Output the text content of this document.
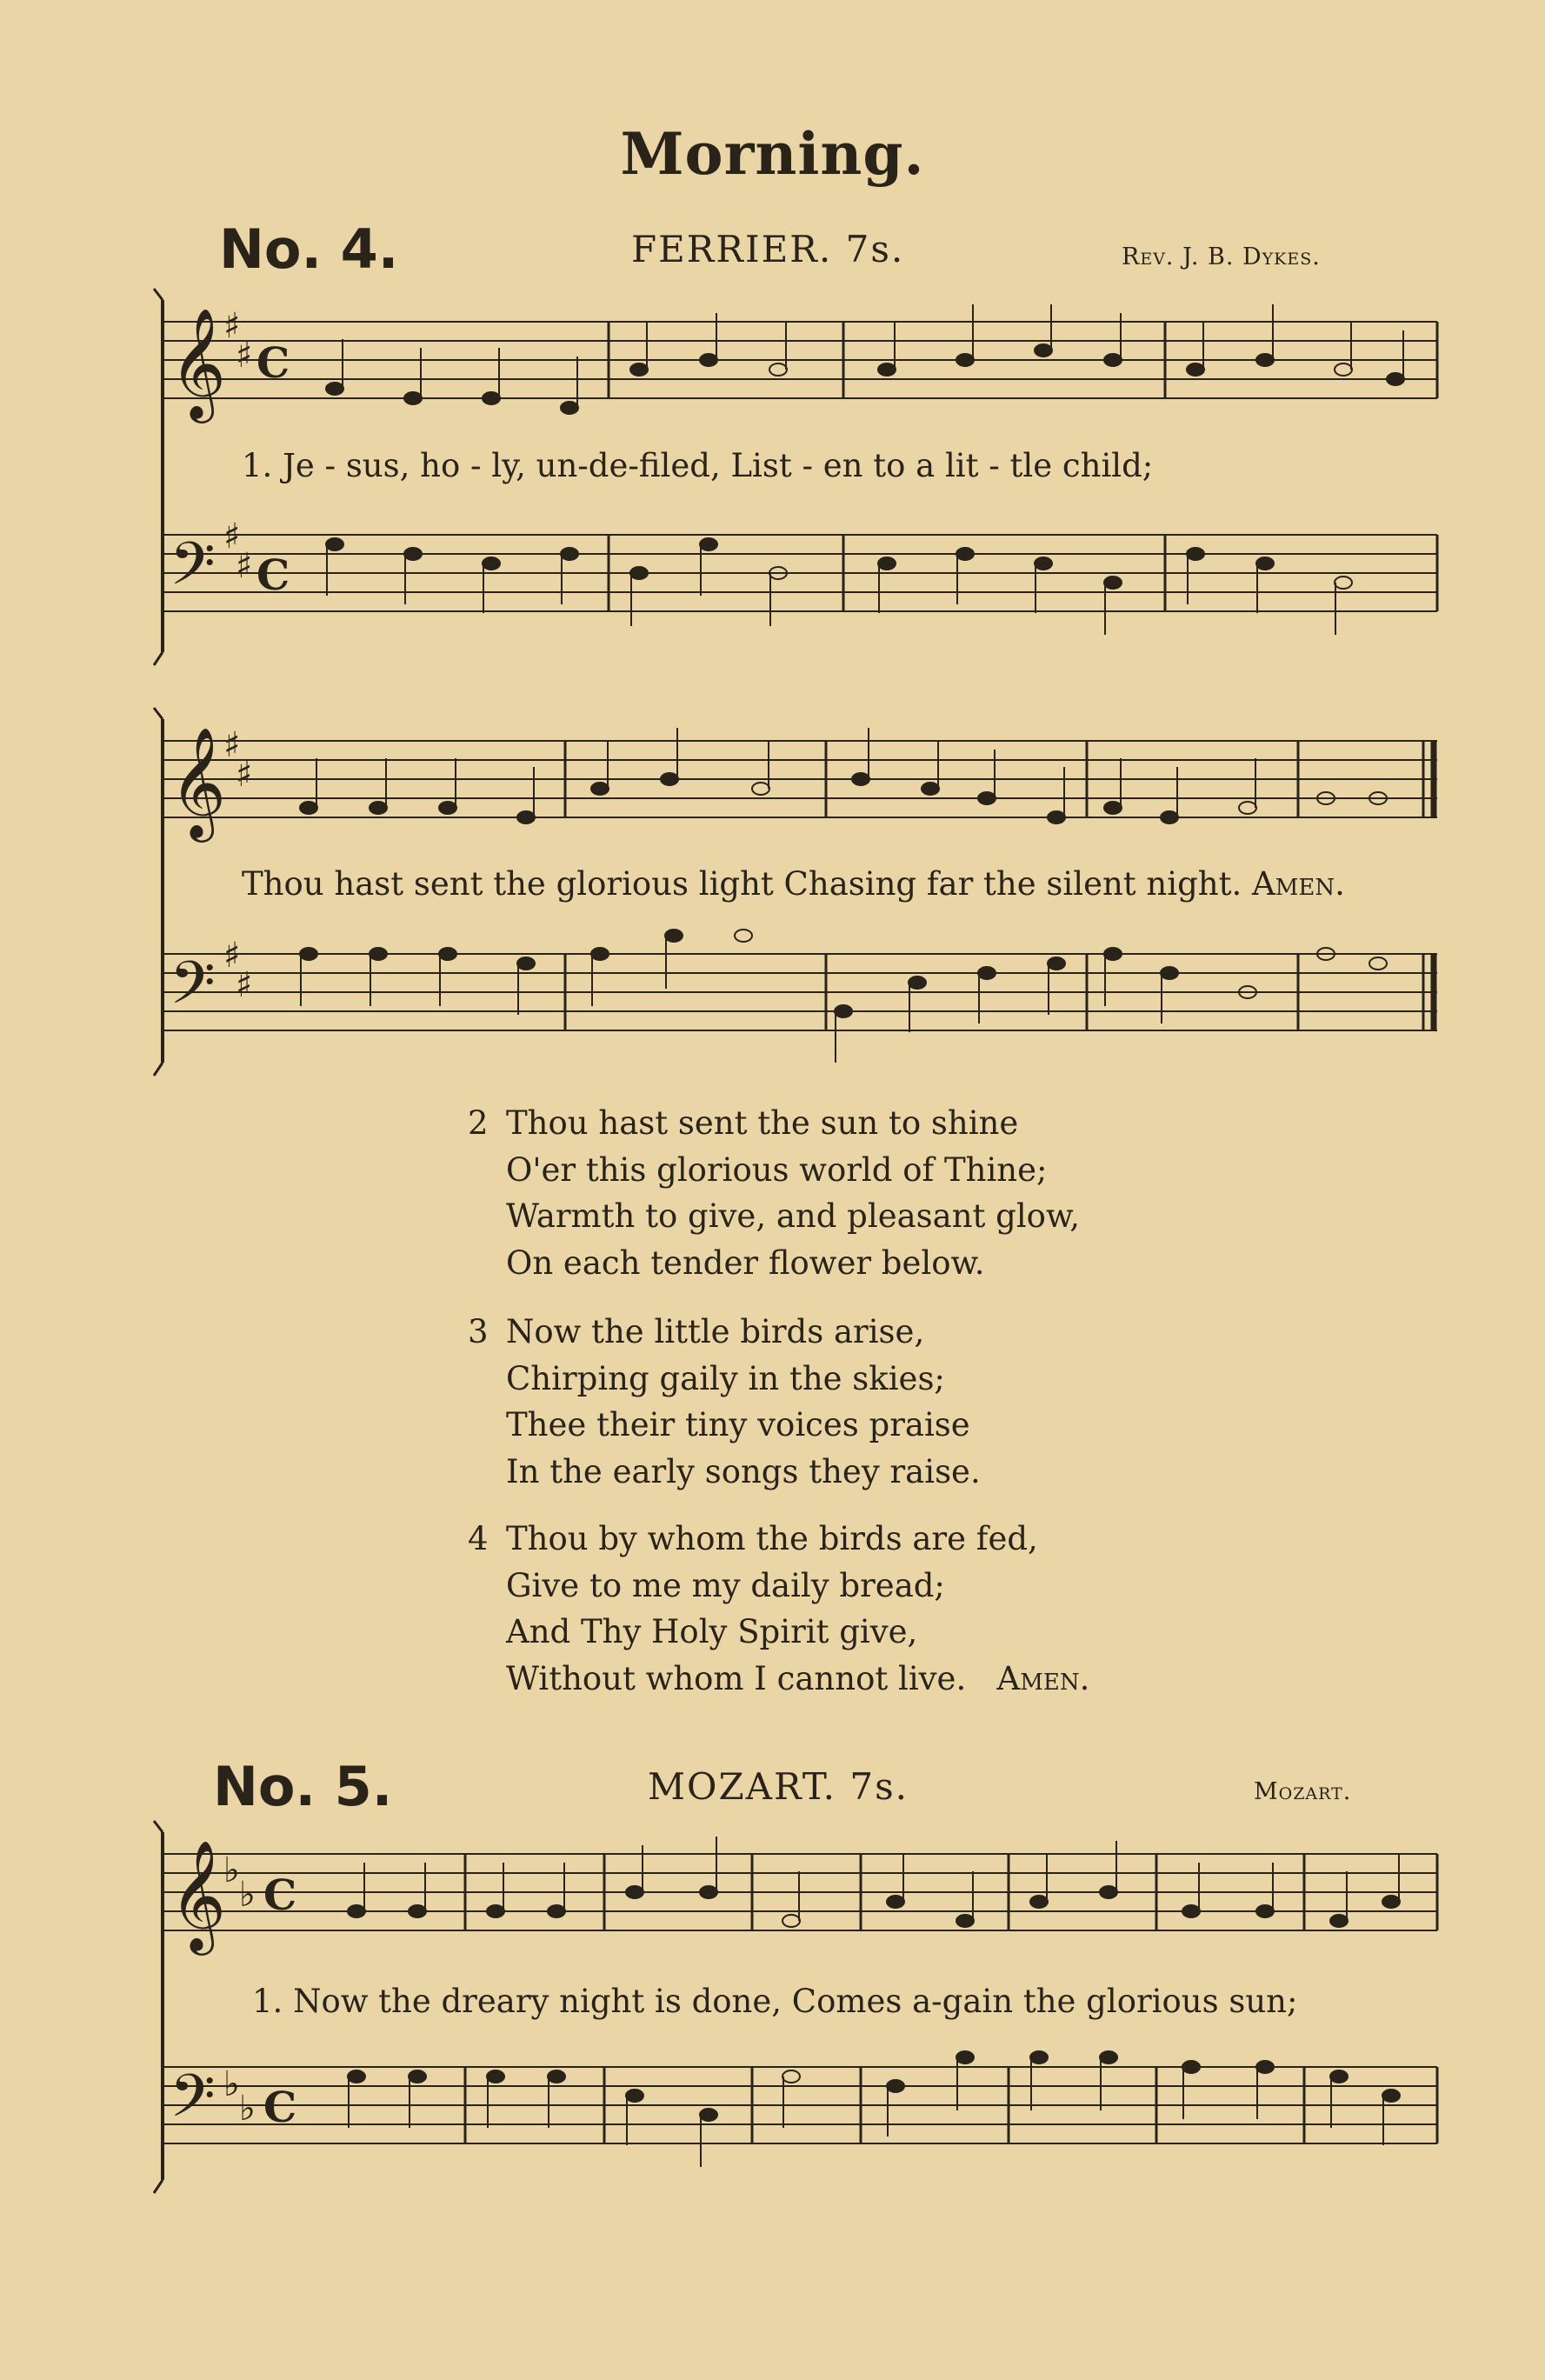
Morning.
No. 4.	FERRIER. 7s.	Rev. J. B. Dykes.
𝄞
𝄢
♯
♯
♯
♯
C
C
1. Je - sus, ho - ly, un-de-filed, List - en to a lit - tle child;
𝄞
𝄢
♯
♯
♯
♯
Thou hast sent the glorious light Chasing far the silent night. Amen.
2 Thou hast sent the sun to shine
O'er this glorious world of Thine;
Warmth to give, and pleasant glow,
On each tender flower below.
3 Now the little birds arise,
Chirping gaily in the skies;
Thee their tiny voices praise
In the early songs they raise.
4 Thou by whom the birds are fed,
Give to me my daily bread;
And Thy Holy Spirit give,
Without whom I cannot live. Amen.
No. 5.	MOZART. 7s.	Mozart.
𝄞
𝄢
♭
♭
♭
♭
C
C
1. Now the dreary night is done, Comes a-gain the glorious sun;
